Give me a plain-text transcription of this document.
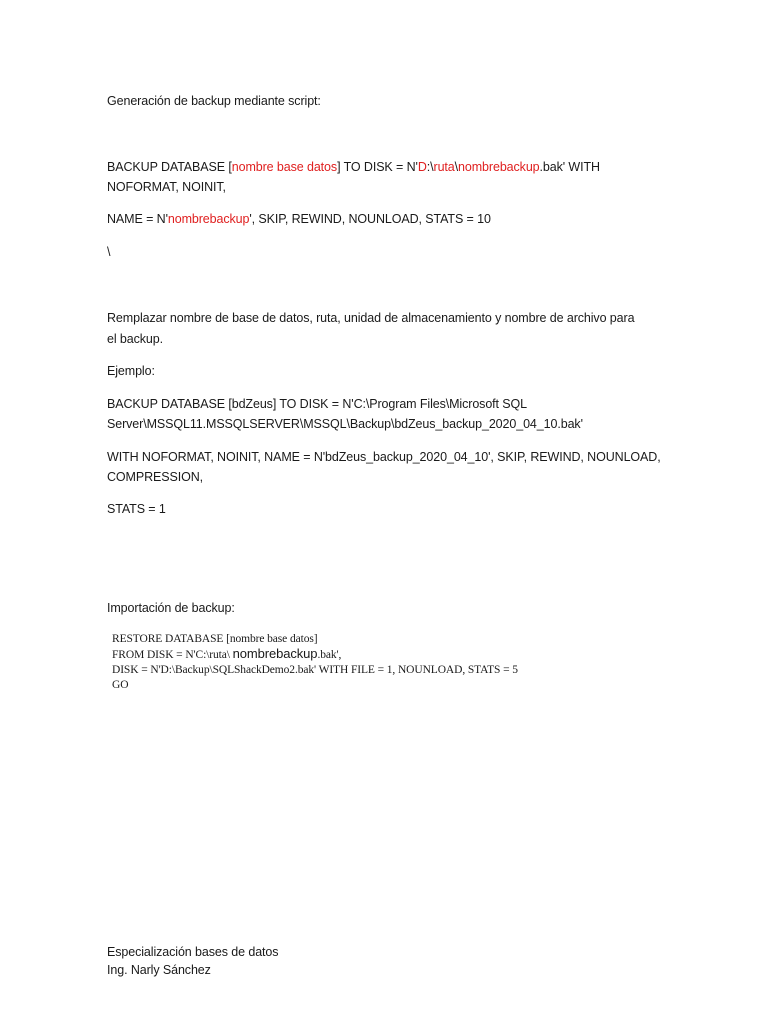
Generación de backup mediante script:
BACKUP DATABASE [nombre base datos] TO DISK = N'D:\ruta\nombrebackup.bak' WITH
NOFORMAT, NOINIT,
NAME = N'nombrebackup', SKIP, REWIND, NOUNLOAD, STATS = 10
\
Remplazar nombre de base de datos, ruta, unidad de almacenamiento y nombre de archivo para
el backup.
Ejemplo:
BACKUP DATABASE [bdZeus] TO DISK = N'C:\Program Files\Microsoft SQL
Server\MSSQL11.MSSQLSERVER\MSSQL\Backup\bdZeus_backup_2020_04_10.bak'
WITH NOFORMAT, NOINIT, NAME = N'bdZeus_backup_2020_04_10', SKIP, REWIND, NOUNLOAD,
COMPRESSION,
STATS = 1
Importación de backup:
RESTORE DATABASE [nombre base datos]
FROM DISK = N'C:\ruta\ nombrebackup.bak',
DISK = N'D:\Backup\SQLShackDemo2.bak' WITH FILE = 1, NOUNLOAD, STATS = 5
GO
Especialización bases de datos
Ing. Narly Sánchez
